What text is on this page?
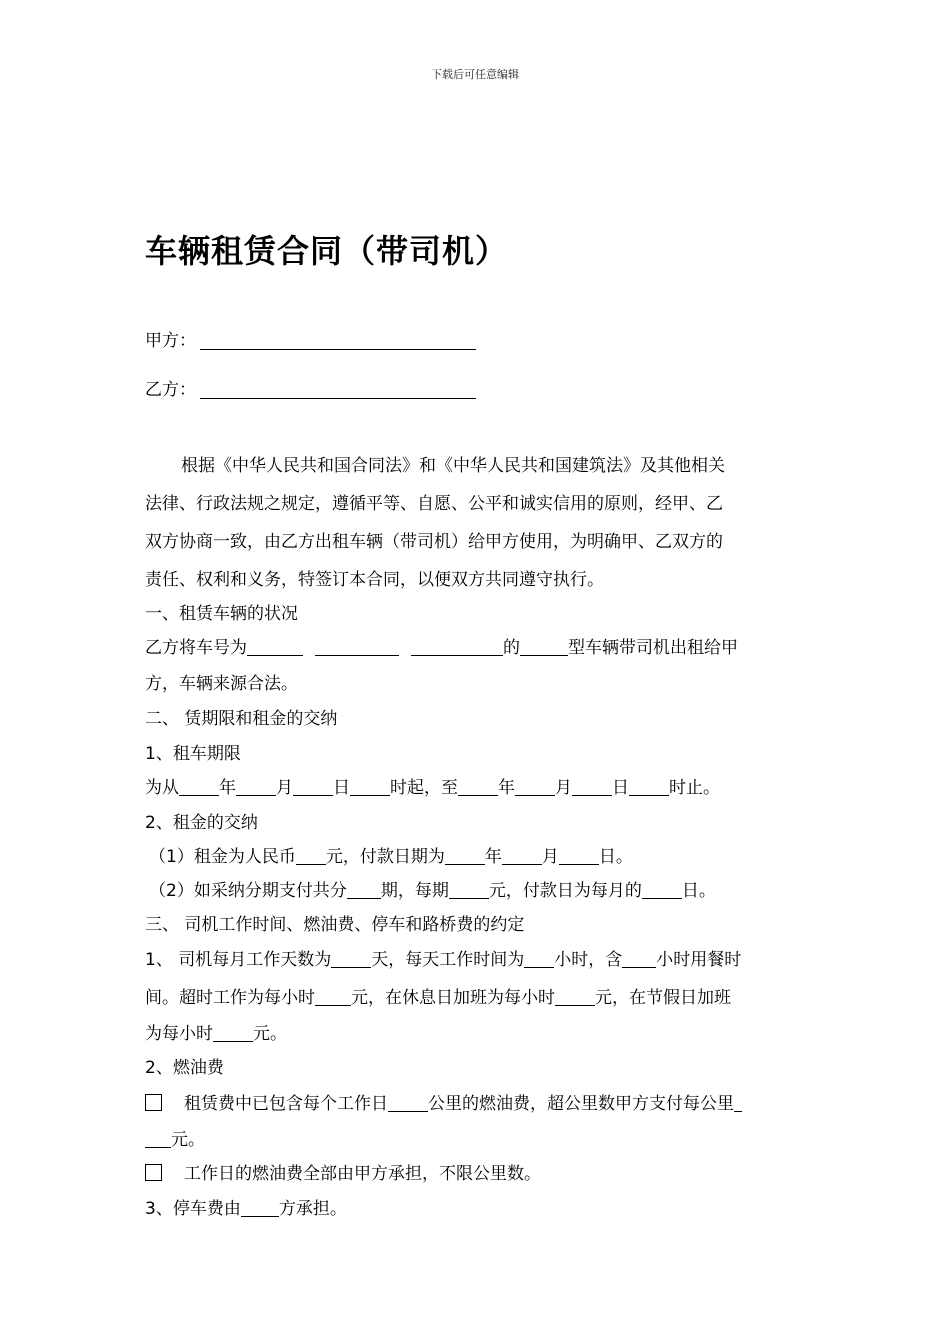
下载后可任意编辑
车辆租赁合同（带司机）
甲方：
乙方：
根据《中华人民共和国合同法》和《中华人民共和国建筑法》及其他相关
法律、行政法规之规定，遵循平等、自愿、公平和诚实信用的原则，经甲、乙
双方协商一致，由乙方出租车辆（带司机）给甲方使用，为明确甲、乙双方的
责任、权利和义务，特签订本合同，以便双方共同遵守执行。
一、租赁车辆的状况
乙方将车号为	的	型车辆带司机出租给甲
方，车辆来源合法。
二、 赁期限和租金的交纳
1、租车期限
为从 年 月 日 时起，至 年 月 日 时止。
2、租金的交纳
（1）租金为人民币 元，付款日期为 年 月 日。
（2）如采纳分期支付共分 期，每期 元，付款日为每月的 日。
三、 司机工作时间、燃油费、停车和路桥费的约定
1、 司机每月工作天数为 天，每天工作时间为 小时，含 小时用餐时
间。超时工作为每小时 元，在休息日加班为每小时 元，在节假日加班
为每小时 元。
2、燃油费
租赁费中已包含每个工作日 公里的燃油费，超公里数甲方支付每公里
元。
工作日的燃油费全部由甲方承担，不限公里数。
3、停车费由 方承担。
